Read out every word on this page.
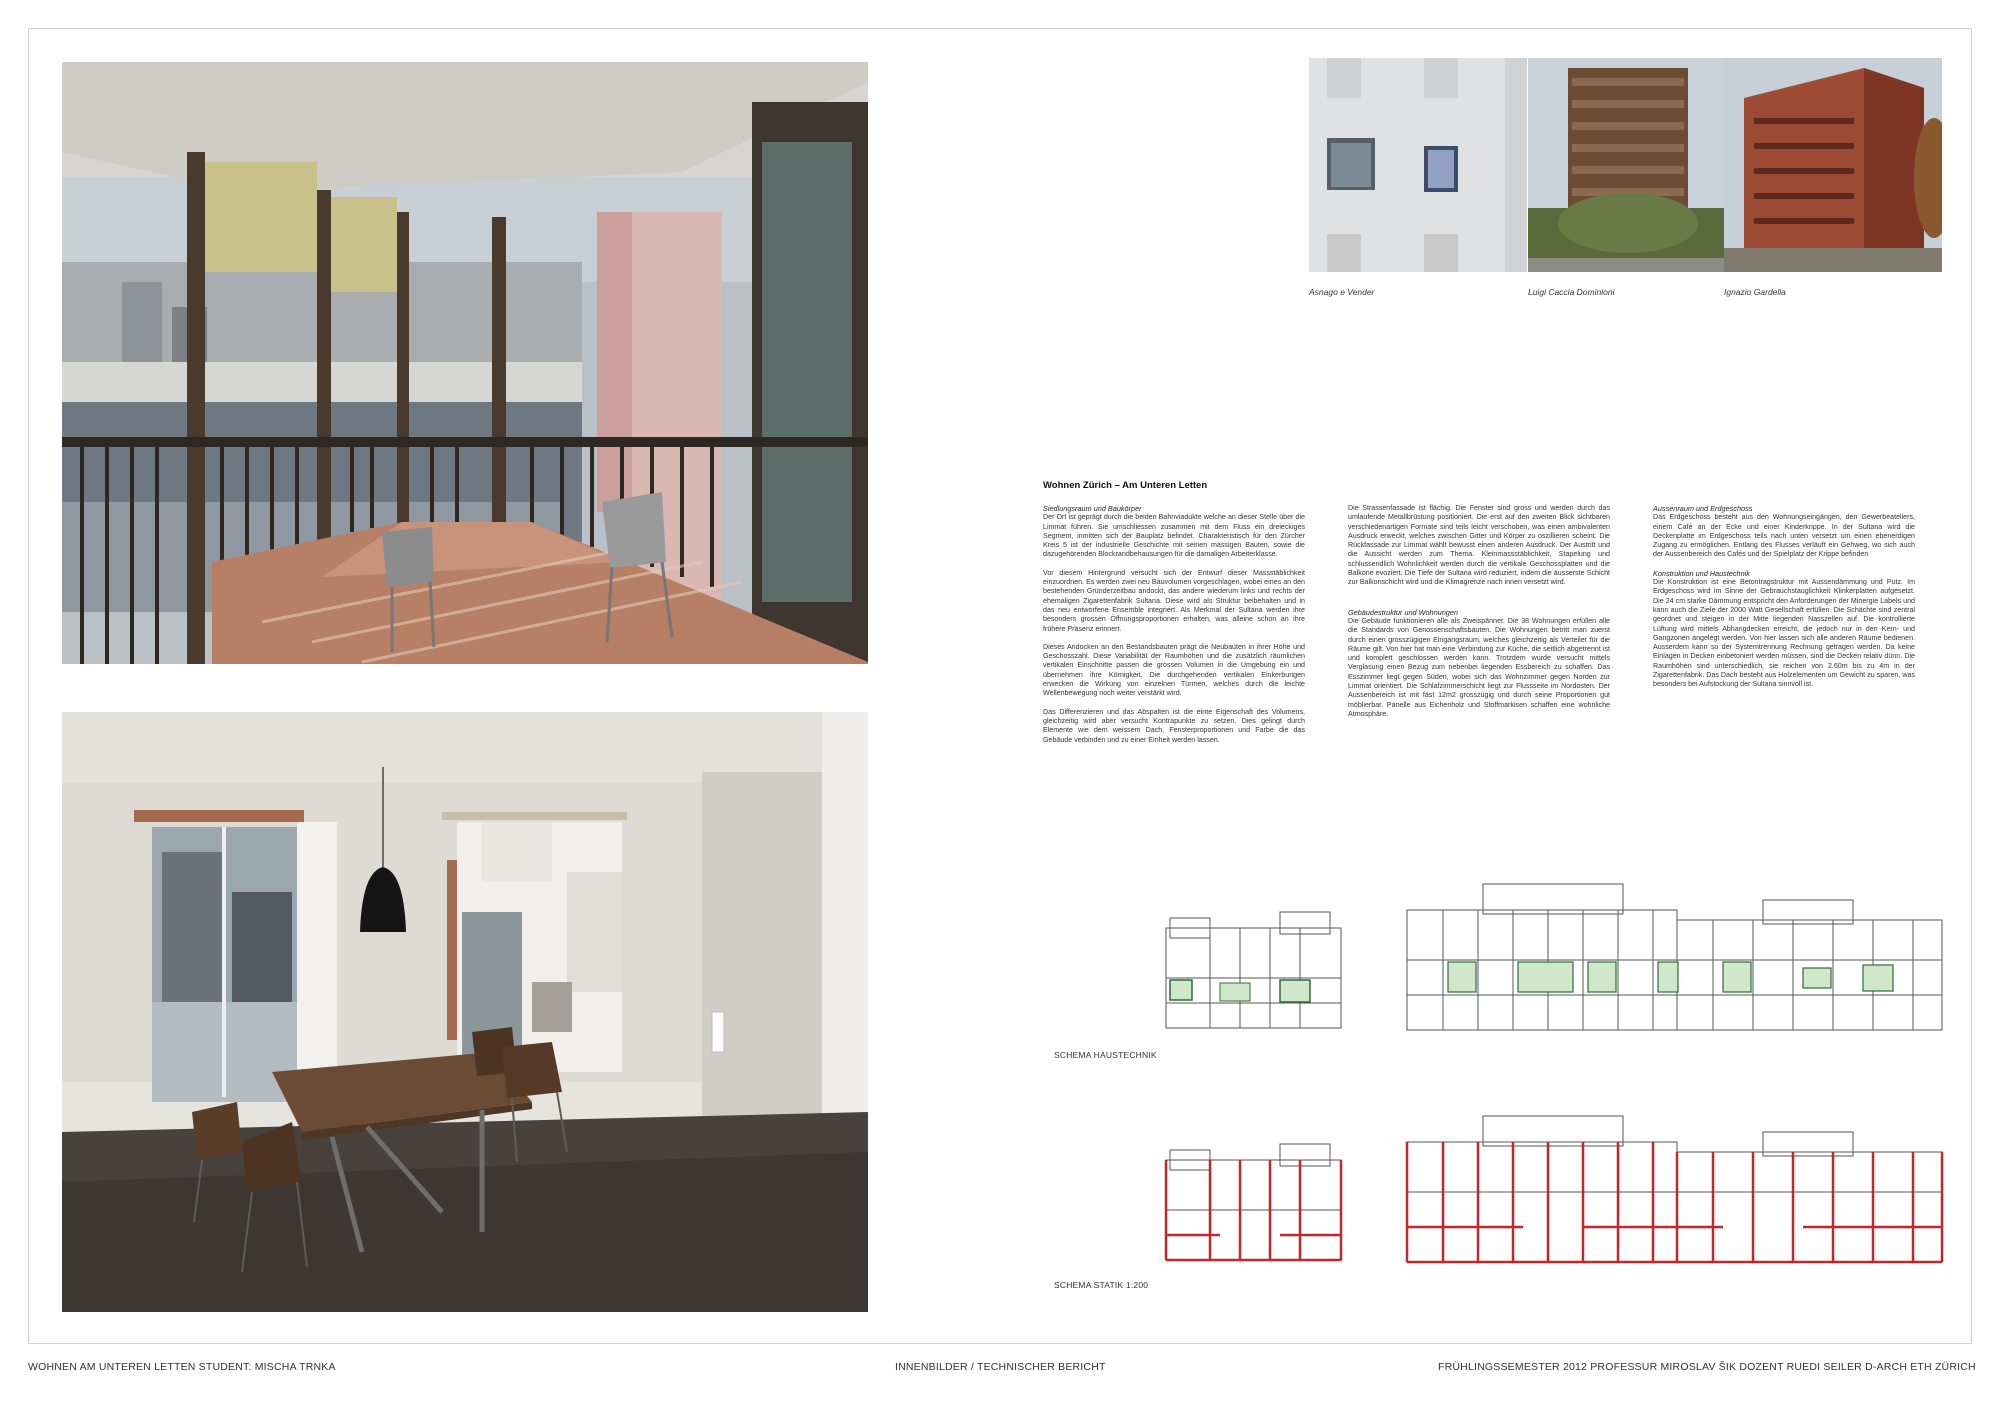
Asnago e Vender	Luigi Caccia Dominioni	Ignazio Gardella
Wohnen Zürich – Am Unteren Letten
Siedlungsraum und Baukörper

Der Ort ist geprägt durch die beiden Bahnviadukte welche an dieser Stelle über die Limmat führen. Sie umschliessen zusammen mit dem Fluss ein dreieckiges Segment, inmitten sich der Bauplatz befindet. Charakteristisch für den Zürcher Kreis 5 ist der industrielle Geschichte mit seinen massigen Bauten, sowie die dazugehörenden Blockrandbehausungen für die damaligen Arbeiterklasse.

Vor diesem Hintergrund versucht sich der Entwurf dieser Massstäblichkeit einzuordnen. Es werden zwei neu Bauvolumen vorgeschlagen, wobei eines an den bestehenden Gründerzeitbau andockt, das andere wiederum links und rechts der ehemaligen Zigarettenfabrik Sultana. Diese wird als Struktur beibehalten und in das neu entworfene Ensemble integriert. Als Merkmal der Sultana werden ihre besonders grossen Öffnungsproportionen erhalten, was alleine schon an ihre frühere Präsenz erinnert.

Dieses Andocken an den Bestandsbauten prägt die Neubauten in ihrer Höhe und Geschosszahl. Diese Variabilität der Raumhöhen und die zusätzlich räumlichen vertikalen Einschnitte passen die grossen Volumen in die Umgebung ein und übernehmen ihre Körnigkeit. Die durchgehenden vertikalen Einkerbungen erwecken die Wirkung von einzelnen Türmen, welches durch die leichte Wellenbewegung noch weiter verstärkt wird.

Das Differenzieren und das Abspalten ist die einte Eigenschaft des Volumens, gleichzeitig wird aber versucht Kontrapunkte zu setzen. Dies gelingt durch Elemente wie dem weissem Dach, Fensterproportionen und Farbe die das Gebäude verbinden und zu einer Einheit werden lassen.

Die Strassenfassade ist flächig. Die Fenster sind gross und werden durch das umlaufende Metallbrüstung positioniert. Die erst auf den zweiten Blick sichtbaren verschiedenartigen Formate sind teils leicht verschoben, was einen ambivalenten Ausdruck erweckt, welches zwischen Gitter und Körper zu oszillieren scheint. Die Rückfassade zur Limmat wählt bewusst einen anderen Ausdruck. Der Austritt und die Aussicht werden zum Thema. Kleinmassstäblichkeit, Stapelung und schlussendlich Wohnlichkeit werden durch die vertikale Geschossplatten und die Balkone evoziert. Die Tiefe der Sultana wird reduziert, indem die äusserste Schicht zur Balkonschicht wird und die Klimagrenze nach innen versetzt wird.

Gebäudestruktur und Wohnungen

Die Gebäude funktionieren alle als Zweispänner. Die 38 Wohnungen erfüllen alle die Standards von Genossenschaftsbauten. Die Wohnungen betritt man zuerst durch einen grosszügigen Eingangsraum, welches gleichzeitig als Verteiler für die Räume gilt. Von hier hat man eine Verbindung zur Küche, die seitlich abgetrennt ist und komplett geschlossen werden kann. Trotzdem wurde versucht mittels Verglasung einen Bezug zum nebenbei liegenden Essbereich zu schaffen. Das Esszimmer liegt gegen Süden, wobei sich das Wohnzimmer gegen Norden zur Limmat orientiert. Die Schlafzimmerschicht liegt zur Flussseite im Nordosten. Der Aussenbereich ist mit fast 12m2 grosszügig und durch seine Proportionen gut möblierbar. Panelle aus Eichenholz und Stoffmarkisen schaffen eine wohnliche Atmosphäre.

Aussenraum und Erdgeschoss

Das Erdgeschoss besteht aus den Wohnungseingängen, den Gewerbeateliers, einem Café an der Ecke und einer Kinderkrippe. In der Sultana wird die Deckenplatte im Erdgeschoss teils nach unten versetzt um einen ebenerdigen Zugang zu ermöglichen. Entlang des Flusses verläuft ein Gehweg, wo sich auch der Aussenbereich des Cafés und der Spielplatz der Krippe befinden

Konstruktion und Haustechnik

Die Konstruktion ist eine Betontragstruktur mit Aussendämmung und Putz. Im Erdgeschoss wird im Sinne der Gebrauchstauglichkeit Klinkerplatten aufgesetzt. Die 24 cm starke Dämmung entspricht den Anforderungen der Minergie Labels und kann auch die Ziele der 2000 Watt Gesellschaft erfüllen. Die Schächte sind zentral geordnet und steigen in der Mitte liegenden Nasszellen auf. Die kontrollierte Lüftung wird mittels Abhangdecken erreicht, die jedoch nur in den Kern- und Gangzonen angelegt werden. Von hier lassen sich alle anderen Räume bedienen. Ausserdem kann so der Systemtrennung Rechnung getragen werden. Da keine Einlagen in Decken einbetoniert werden müssen, sind die Decken relativ dünn. Die Raumhöhen sind unterschiedlich, sie reichen von 2.60m bis zu 4m in der Zigarettenfabrik. Das Dach besteht aus Holzelementen um Gewicht zu sparen, was besonders bei Aufstockung der Sultana sinnvoll ist.

SCHEMA HAUSTECHNIK
SCHEMA STATIK 1:200
WOHNEN AM UNTEREN LETTEN STUDENT: MISCHA TRNKA	INNENBILDER / TECHNISCHER BERICHT	FRÜHLINGSSEMESTER 2012 PROFESSUR MIROSLAV ŠIK DOZENT RUEDI SEILER D-ARCH ETH ZÜRICH
